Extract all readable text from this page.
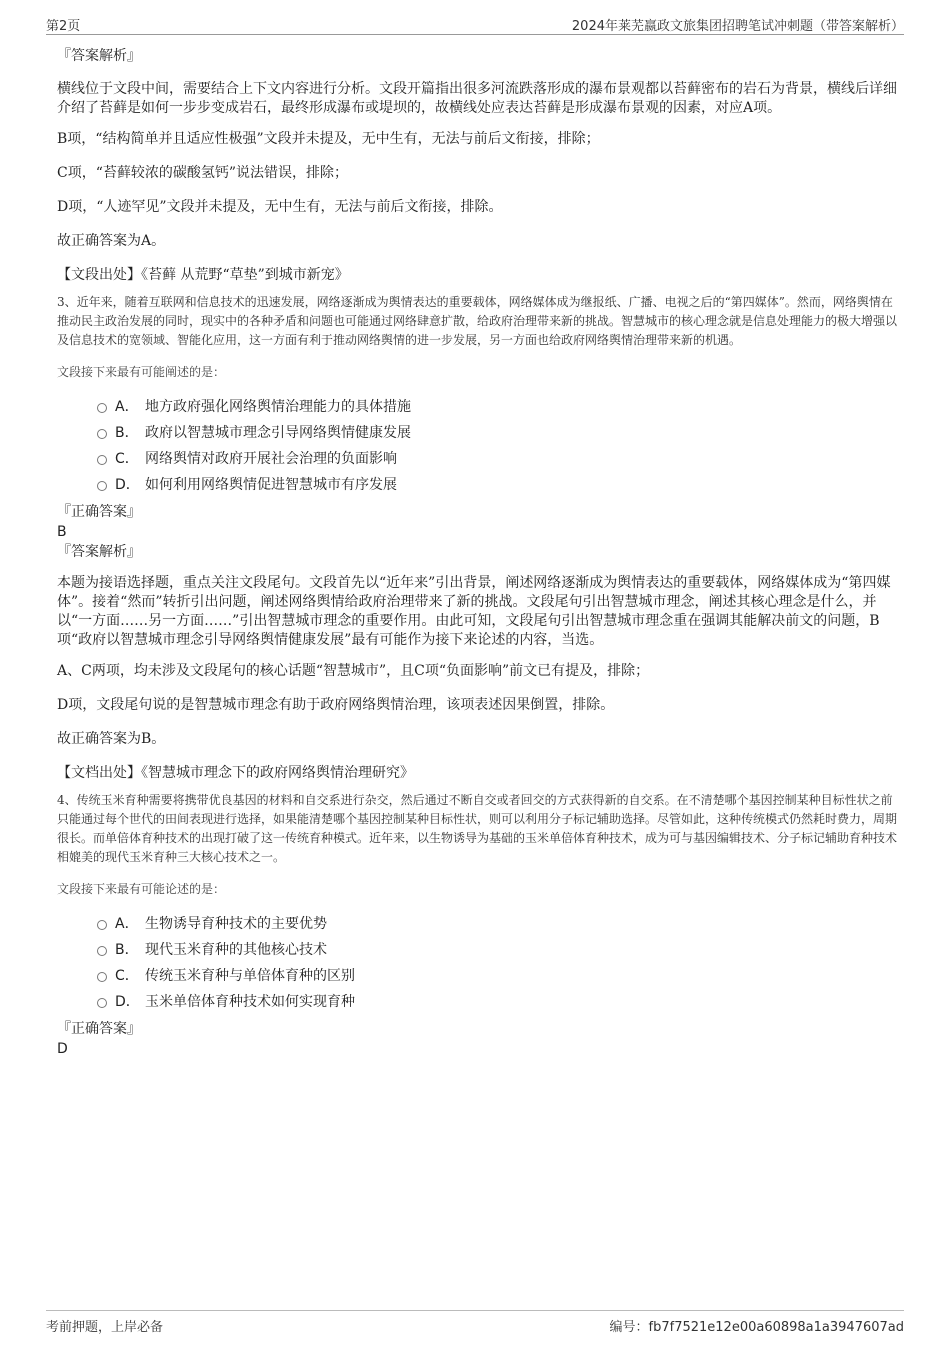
第2页	2024年莱芜嬴政文旅集团招聘笔试冲刺题（带答案解析）

『答案解析』

横线位于文段中间，需要结合上下文内容进行分析。文段开篇指出很多河流跌落形成的瀑布景观都以苔藓密布的岩石为背景，横线后详细介绍了苔藓是如何一步步变成岩石，最终形成瀑布或堤坝的，故横线处应表达苔藓是形成瀑布景观的因素，对应A项。

B项，“结构简单并且适应性极强”文段并未提及，无中生有，无法与前后文衔接，排除；

C项，“苔藓较浓的碳酸氢钙”说法错误，排除；

D项，“人迹罕见”文段并未提及，无中生有，无法与前后文衔接，排除。

故正确答案为A。

【文段出处】《苔藓 从荒野“草垫”到城市新宠》

3、近年来，随着互联网和信息技术的迅速发展，网络逐渐成为舆情表达的重要载体，网络媒体成为继报纸、广播、电视之后的“第四媒体”。然而，网络舆情在推动民主政治发展的同时，现实中的各种矛盾和问题也可能通过网络肆意扩散，给政府治理带来新的挑战。智慧城市的核心理念就是信息处理能力的极大增强以及信息技术的宽领域、智能化应用，这一方面有利于推动网络舆情的进一步发展，另一方面也给政府网络舆情治理带来新的机遇。

文段接下来最有可能阐述的是：

A． 地方政府强化网络舆情治理能力的具体措施
B． 政府以智慧城市理念引导网络舆情健康发展
C． 网络舆情对政府开展社会治理的负面影响
D． 如何利用网络舆情促进智慧城市有序发展

『正确答案』

B

『答案解析』

本题为接语选择题，重点关注文段尾句。文段首先以“近年来”引出背景，阐述网络逐渐成为舆情表达的重要载体，网络媒体成为“第四媒体”。接着“然而”转折引出问题，阐述网络舆情给政府治理带来了新的挑战。文段尾句引出智慧城市理念，阐述其核心理念是什么，并以“一方面……另一方面……”引出智慧城市理念的重要作用。由此可知，文段尾句引出智慧城市理念重在强调其能解决前文的问题，B项“政府以智慧城市理念引导网络舆情健康发展”最有可能作为接下来论述的内容，当选。

A、C两项，均未涉及文段尾句的核心话题“智慧城市”，且C项“负面影响”前文已有提及，排除；

D项，文段尾句说的是智慧城市理念有助于政府网络舆情治理，该项表述因果倒置，排除。

故正确答案为B。

【文档出处】《智慧城市理念下的政府网络舆情治理研究》

4、传统玉米育种需要将携带优良基因的材料和自交系进行杂交，然后通过不断自交或者回交的方式获得新的自交系。在不清楚哪个基因控制某种目标性状之前只能通过每个世代的田间表现进行选择，如果能清楚哪个基因控制某种目标性状，则可以利用分子标记辅助选择。尽管如此，这种传统模式仍然耗时费力，周期很长。而单倍体育种技术的出现打破了这一传统育种模式。近年来，以生物诱导为基础的玉米单倍体育种技术，成为可与基因编辑技术、分子标记辅助育种技术相媲美的现代玉米育种三大核心技术之一。

文段接下来最有可能论述的是：

A． 生物诱导育种技术的主要优势
B． 现代玉米育种的其他核心技术
C． 传统玉米育种与单倍体育种的区别
D． 玉米单倍体育种技术如何实现育种

『正确答案』

D

考前押题，上岸必备	编号：fb7f7521e12e00a60898a1a3947607ad
